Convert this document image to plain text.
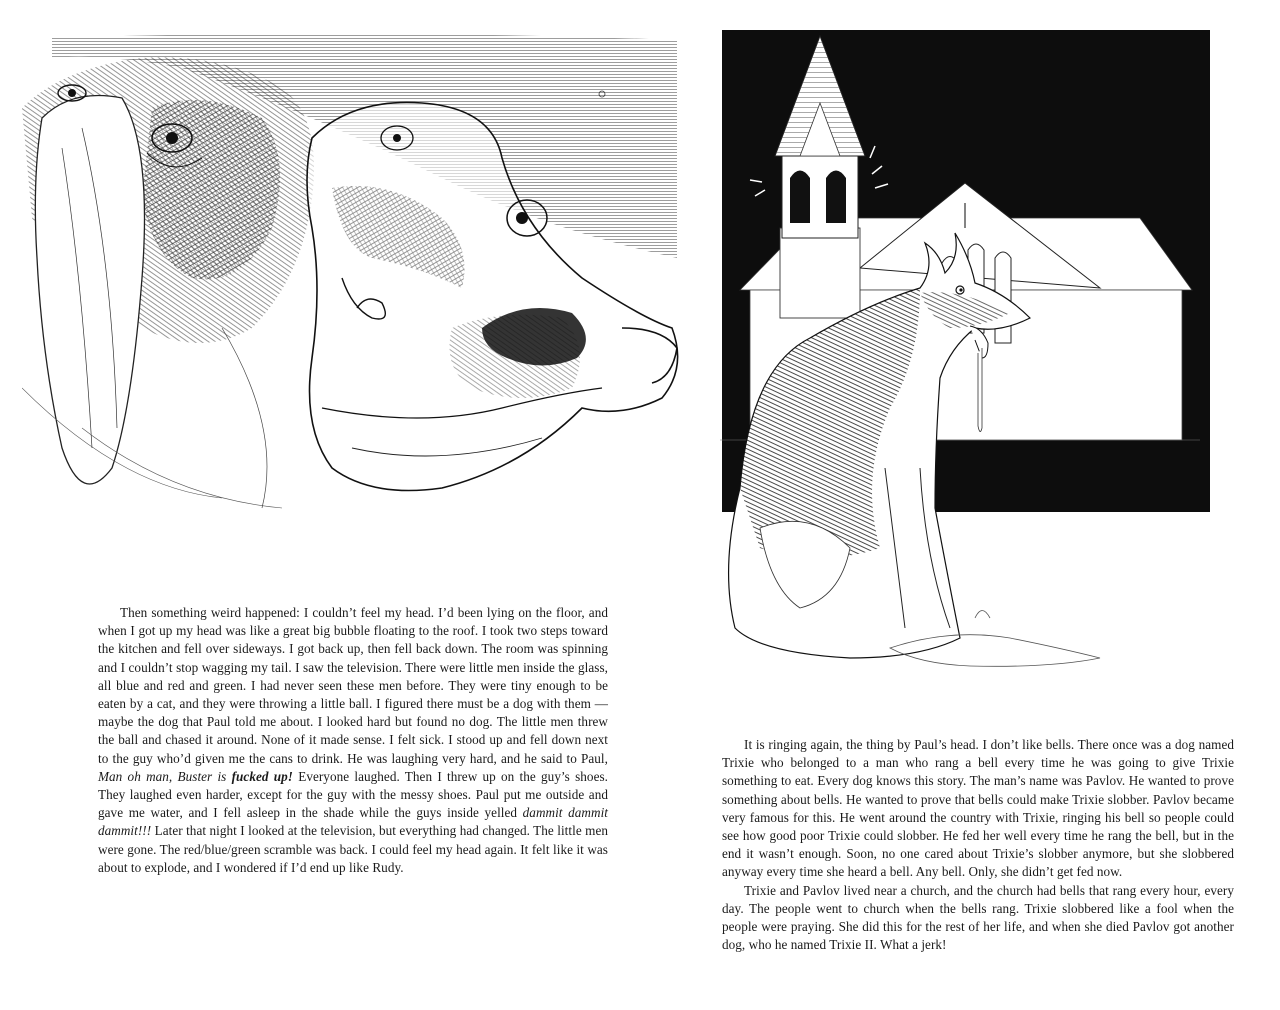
Then something weird happened: I couldn’t feel my head. I’d been lying on the floor, and when I got up my head was like a great big bubble floating to the roof. I took two steps toward the kitchen and fell over sideways. I got back up, then fell back down. The room was spinning and I couldn’t stop wagging my tail. I saw the television. There were little men inside the glass, all blue and red and green. I had never seen these men before. They were tiny enough to be eaten by a cat, and they were throwing a little ball. I figured there must be a dog with them — maybe the dog that Paul told me about. I looked hard but found no dog. The little men threw the ball and chased it around. None of it made sense. I felt sick. I stood up and fell down next to the guy who’d given me the cans to drink. He was laughing very hard, and he said to Paul, Man oh man, Buster is fucked up! Everyone laughed. Then I threw up on the guy’s shoes. They laughed even harder, except for the guy with the messy shoes. Paul put me outside and gave me water, and I fell asleep in the shade while the guys inside yelled dammit dammit dammit!!! Later that night I looked at the television, but everything had changed. The little men were gone. The red/blue/green scramble was back. I could feel my head again. It felt like it was about to explode, and I wondered if I’d end up like Rudy.

It is ringing again, the thing by Paul’s head. I don’t like bells. There once was a dog named Trixie who belonged to a man who rang a bell every time he was going to give Trixie something to eat. Every dog knows this story. The man’s name was Pavlov. He wanted to prove something about bells. He wanted to prove that bells could make Trixie slobber. Pavlov became very famous for this. He went around the country with Trixie, ringing his bell so people could see how good poor Trixie could slobber. He fed her well every time he rang the bell, but in the end it wasn’t enough. Soon, no one cared about Trixie’s slobber anymore, but she slobbered anyway every time she heard a bell. Any bell. Only, she didn’t get fed now.

Trixie and Pavlov lived near a church, and the church had bells that rang every hour, every day. The people went to church when the bells rang. Trixie slobbered like a fool when the people were praying. She did this for the rest of her life, and when she died Pavlov got another dog, who he named Trixie II. What a jerk!
